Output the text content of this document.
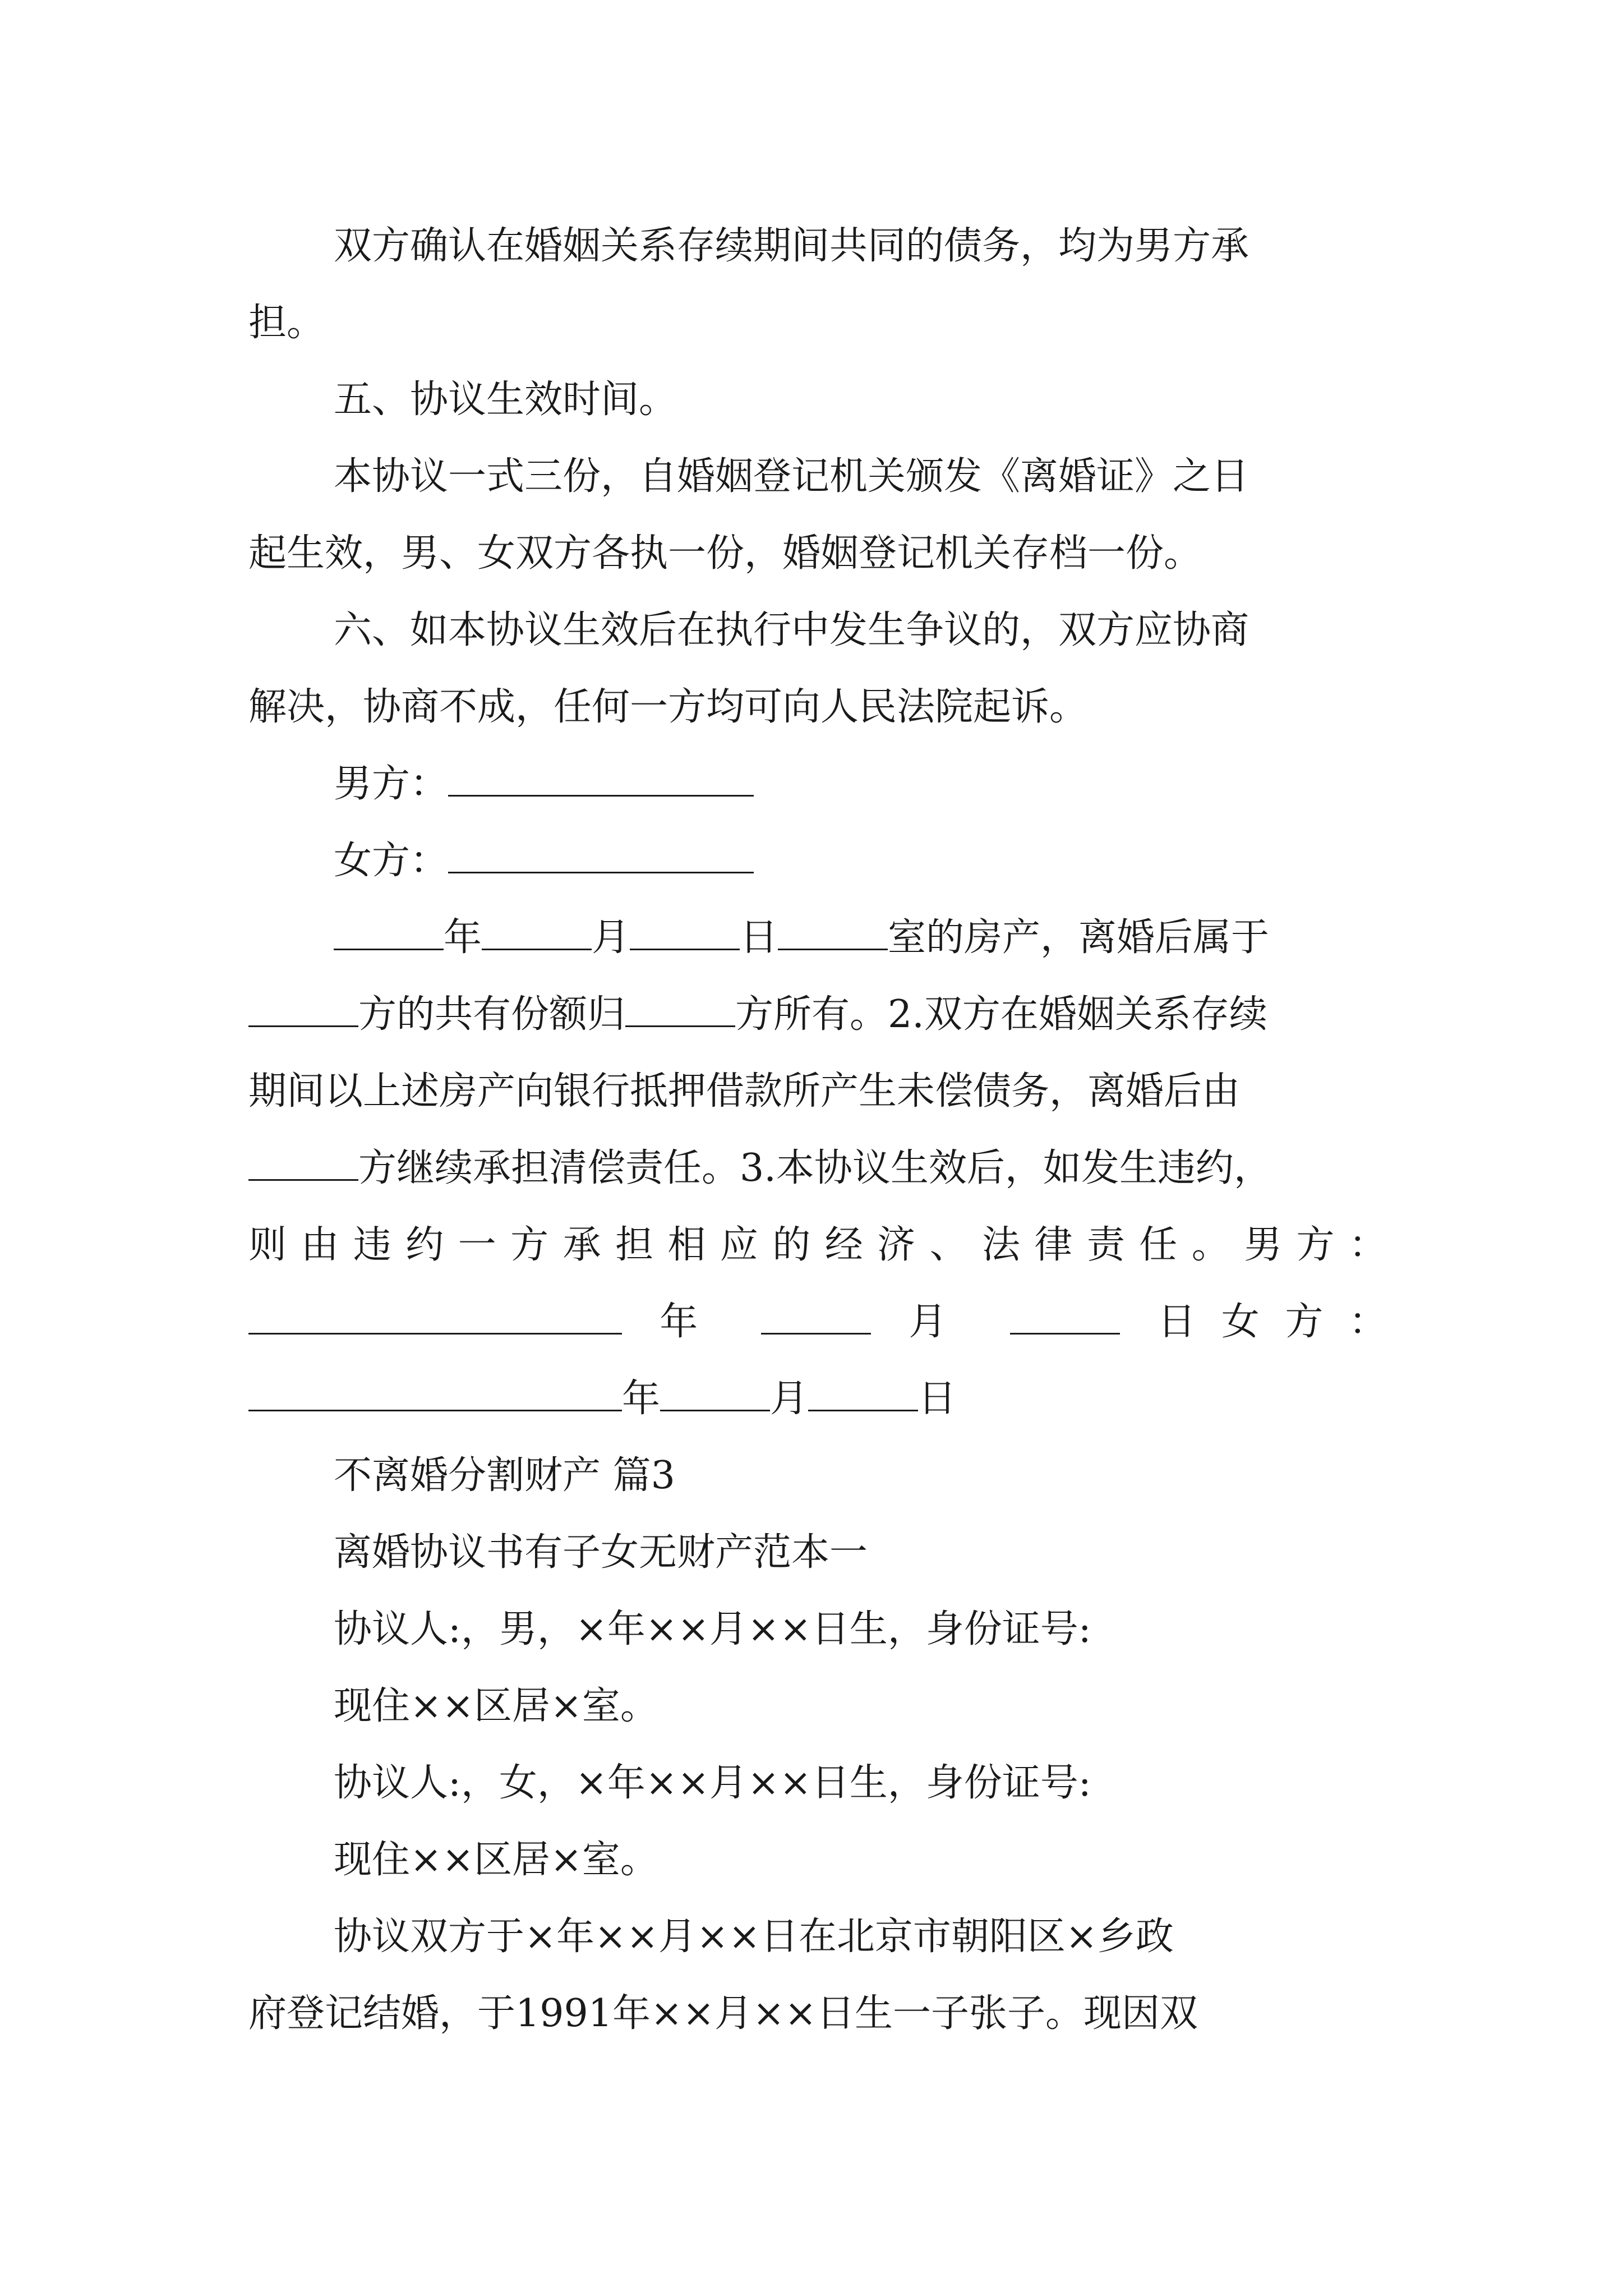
双方确认在婚姻关系存续期间共同的债务，均为男方承
担。
五、协议生效时间。
本协议一式三份，自婚姻登记机关颁发《离婚证》之日
起生效，男、女双方各执一份，婚姻登记机关存档一份。
六、如本协议生效后在执行中发生争议的，双方应协商
解决，协商不成，任何一方均可向人民法院起诉。
男方：
女方：
年	月	日	室的房产，离婚后属于
方的共有份额归	方所有。2.双方在婚姻关系存续
期间以上述房产向银行抵押借款所产生未偿债务，离婚后由
方继续承担清偿责任。3.本协议生效后，如发生违约，
则由违约一方承担相应的经济、法律责任。男方：
年	月	日女方：
年	月	日
不离婚分割财产 篇3
离婚协议书有子女无财产范本一
协议人:，男，×年××月××日生，身份证号:
现住××区居×室。
协议人:，女，×年××月××日生，身份证号:
现住××区居×室。
协议双方于×年××月××日在北京市朝阳区×乡政
府登记结婚，于1991年××月××日生一子张子。现因双
